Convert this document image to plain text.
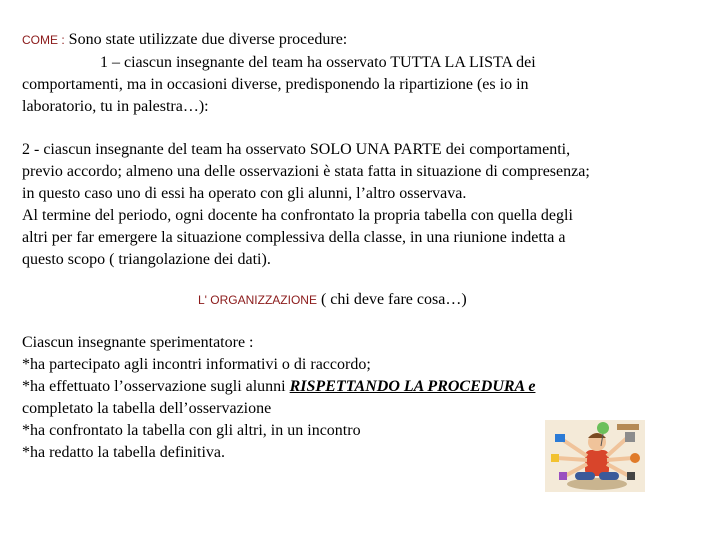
COME : Sono state utilizzate due diverse procedure:
1 – ciascun insegnante del team ha osservato TUTTA LA LISTA dei
comportamenti, ma in occasioni diverse, predisponendo la ripartizione (es io in
laboratorio, tu in palestra…):
2 - ciascun insegnante del team ha osservato SOLO UNA PARTE dei comportamenti,
previo accordo; almeno una delle osservazioni è stata fatta in situazione di compresenza;
in questo caso uno di essi ha operato con gli alunni, l’altro osservava.
Al termine del periodo, ogni docente ha confrontato la propria tabella con quella degli
altri per far emergere la situazione complessiva della classe, in una riunione indetta a
questo scopo ( triangolazione dei dati).
L' ORGANIZZAZIONE ( chi deve fare cosa…)
Ciascun insegnante sperimentatore :
*ha partecipato agli incontri informativi o di raccordo;
*ha effettuato l’osservazione sugli alunni RISPETTANDO LA PROCEDURA e
completato la tabella dell’osservazione
*ha confrontato la tabella con gli altri, in un incontro
*ha redatto la tabella definitiva.
